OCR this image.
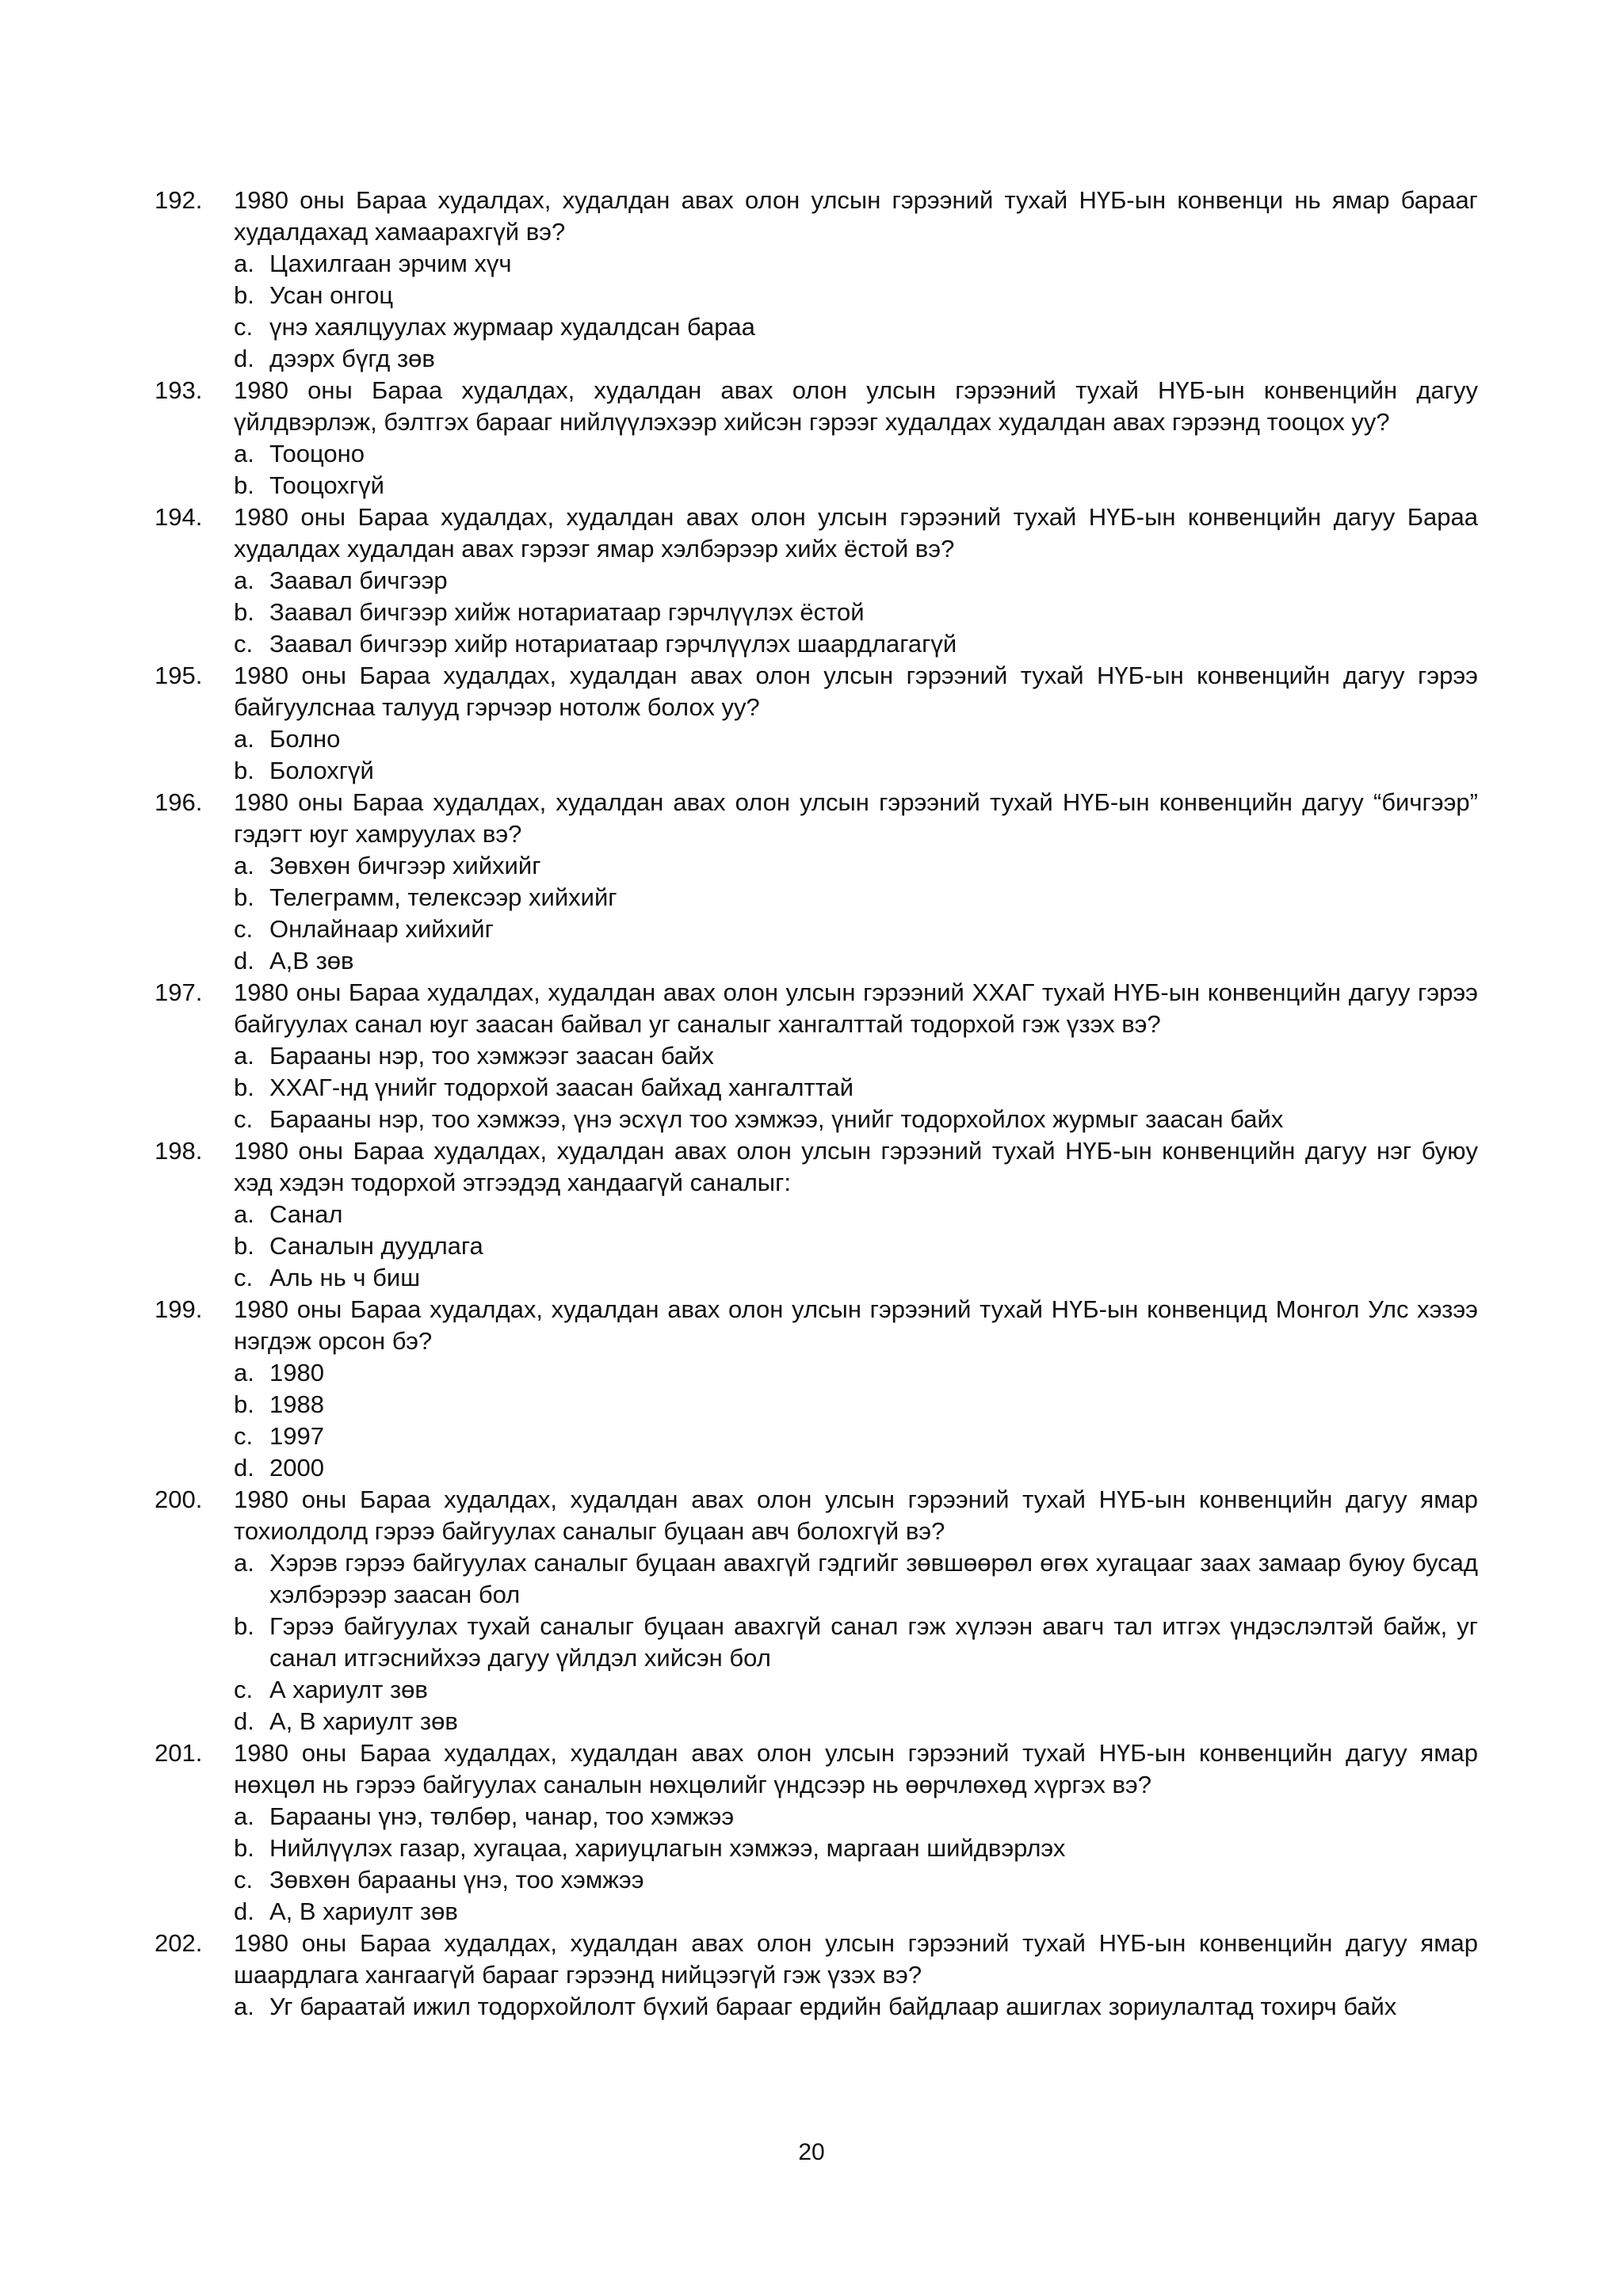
192. 1980 оны Бараа худалдах, худалдан авах олон улсын гэрээний тухай НҮБ-ын конвенци нь ямар барааг худалдахад хамаарахгүй вэ?
a. Цахилгаан эрчим хүч
b. Усан онгоц
c. үнэ хаялцуулах журмаар худалдсан бараа
d. дээрх бүгд зөв
193. 1980 оны Бараа худалдах, худалдан авах олон улсын гэрээний тухай НҮБ-ын конвенцийн дагуу үйлдвэрлэж, бэлтгэх барааг нийлүүлэхээр хийсэн гэрээг худалдах худалдан авах гэрээнд тооцох уу?
a. Тооцоно
b. Тооцохгүй
194. 1980 оны Бараа худалдах, худалдан авах олон улсын гэрээний тухай НҮБ-ын конвенцийн дагуу Бараа худалдах худалдан авах гэрээг ямар хэлбэрээр хийх ёстой вэ?
a. Заавал бичгээр
b. Заавал бичгээр хийж нотариатаар гэрчлүүлэх ёстой
c. Заавал бичгээр хийр нотариатаар гэрчлүүлэх шаардлагагүй
195. 1980 оны Бараа худалдах, худалдан авах олон улсын гэрээний тухай НҮБ-ын конвенцийн дагуу гэрээ байгуулснаа талууд гэрчээр нотолж болох уу?
a. Болно
b. Болохгүй
196. 1980 оны Бараа худалдах, худалдан авах олон улсын гэрээний тухай НҮБ-ын конвенцийн дагуу “бичгээр” гэдэгт юуг хамруулах вэ?
a. Зөвхөн бичгээр хийхийг
b. Телеграмм, телексээр хийхийг
c. Онлайнаар хийхийг
d. A,B зөв
197. 1980 оны Бараа худалдах, худалдан авах олон улсын гэрээний ХХАГ тухай НҮБ-ын конвенцийн дагуу гэрээ байгуулах санал юуг заасан байвал уг саналыг хангалттай тодорхой гэж үзэх вэ?
a. Барааны нэр, тоо хэмжээг заасан байх
b. ХХАГ-нд үнийг тодорхой заасан байхад хангалттай
c. Барааны нэр, тоо хэмжээ, үнэ эсхүл тоо хэмжээ, үнийг тодорхойлох журмыг заасан байх
198. 1980 оны Бараа худалдах, худалдан авах олон улсын гэрээний тухай НҮБ-ын конвенцийн дагуу нэг буюу хэд хэдэн тодорхой этгээдэд хандаагүй саналыг:
a. Санал
b. Саналын дуудлага
c. Аль нь ч биш
199. 1980 оны Бараа худалдах, худалдан авах олон улсын гэрээний тухай НҮБ-ын конвенцид Монгол Улс хэзээ нэгдэж орсон бэ?
a. 1980
b. 1988
c. 1997
d. 2000
200. 1980 оны Бараа худалдах, худалдан авах олон улсын гэрээний тухай НҮБ-ын конвенцийн дагуу ямар тохиолдолд гэрээ байгуулах саналыг буцаан авч болохгүй вэ?
a. Хэрэв гэрээ байгуулах саналыг буцаан авахгүй гэдгийг зөвшөөрөл өгөх хугацааг заах замаар буюу бусад хэлбэрээр заасан бол
b. Гэрээ байгуулах тухай саналыг буцаан авахгүй санал гэж хүлээн авагч тал итгэх үндэслэлтэй байж, уг санал итгэснийхээ дагуу үйлдэл хийсэн бол
c. А хариулт зөв
d. А, В хариулт зөв
201. 1980 оны Бараа худалдах, худалдан авах олон улсын гэрээний тухай НҮБ-ын конвенцийн дагуу ямар нөхцөл нь гэрээ байгуулах саналын нөхцөлийг үндсээр нь өөрчлөхөд хүргэх вэ?
a. Барааны үнэ, төлбөр, чанар, тоо хэмжээ
b. Нийлүүлэх газар, хугацаа, хариуцлагын хэмжээ, маргаан шийдвэрлэх
c. Зөвхөн барааны үнэ, тоо хэмжээ
d. А, В хариулт зөв
202. 1980 оны Бараа худалдах, худалдан авах олон улсын гэрээний тухай НҮБ-ын конвенцийн дагуу ямар шаардлага хангаагүй барааг гэрээнд нийцээгүй гэж үзэх вэ?
a. Уг бараатай ижил тодорхойлолт бүхий барааг ердийн байдлаар ашиглах зориулалтад тохирч байх
20
